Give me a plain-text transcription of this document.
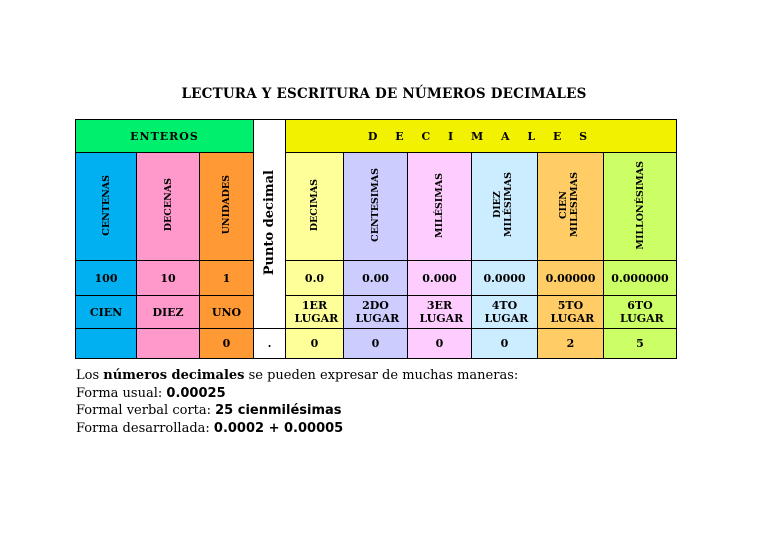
LECTURA Y ESCRITURA DE NÚMEROS DECIMALES
ENTEROS			Punto decimal	D E C I M A L E S					
CENTENAS	DECENAS	UNIDADES		DECIMAS	CENTESIMAS	MILÉSIMAS	DIEZ MILÉSIMAS	CIEN MILESIMAS	MILLONÉSIMAS
100	10	1		0.0	0.00	0.000	0.0000	0.00000	0.000000
CIEN	DIEZ	UNO		1ER LUGAR	2DO LUGAR	3ER LUGAR	4TO LUGAR	5TO LUGAR	6TO LUGAR
		0	.	0	0	0	0	2	5
Los números decimales se pueden expresar de muchas maneras:
Forma usual: 0.00025
Formal verbal corta: 25 cienmilésimas
Forma desarrollada: 0.0002 + 0.00005
